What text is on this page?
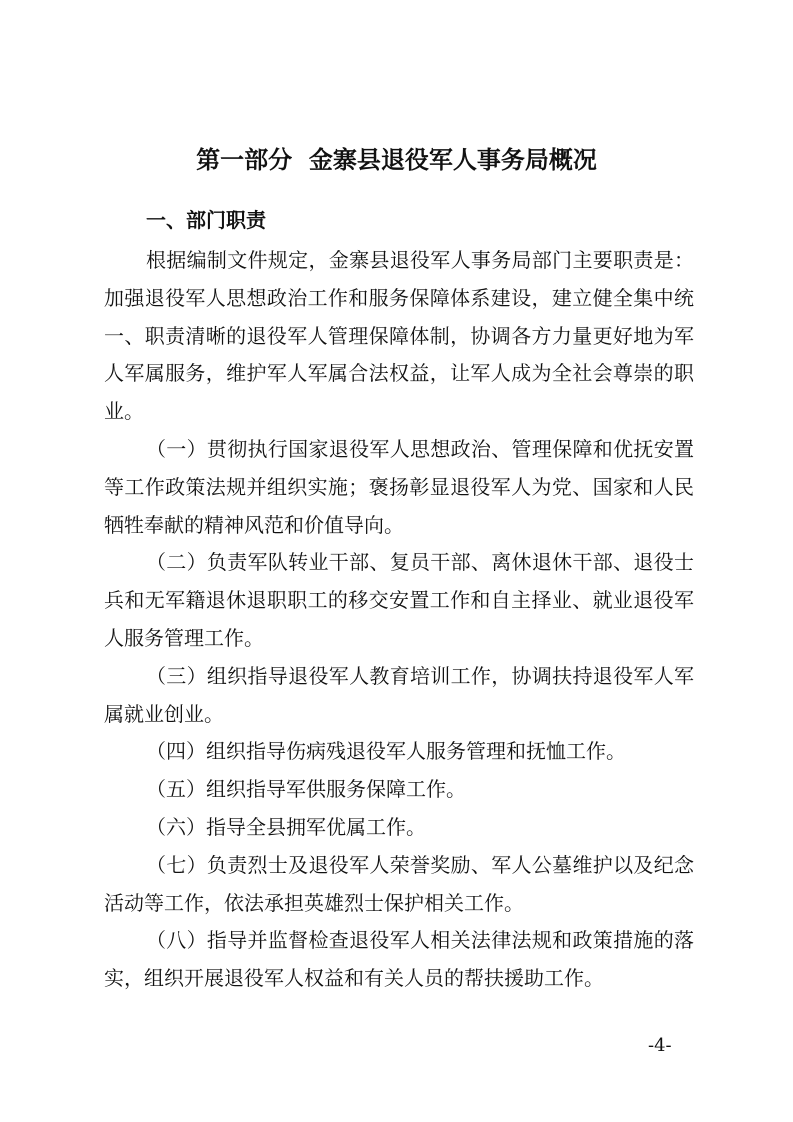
第一部分  金寨县退役军人事务局概况
一、部门职责

根据编制文件规定，金寨县退役军人事务局部门主要职责是：加强退役军人思想政治工作和服务保障体系建设，建立健全集中统一、职责清晰的退役军人管理保障体制，协调各方力量更好地为军人军属服务，维护军人军属合法权益，让军人成为全社会尊崇的职业。

（一）贯彻执行国家退役军人思想政治、管理保障和优抚安置等工作政策法规并组织实施；褒扬彰显退役军人为党、国家和人民牺牲奉献的精神风范和价值导向。

（二）负责军队转业干部、复员干部、离休退休干部、退役士兵和无军籍退休退职职工的移交安置工作和自主择业、就业退役军人服务管理工作。

（三）组织指导退役军人教育培训工作，协调扶持退役军人军属就业创业。

（四）组织指导伤病残退役军人服务管理和抚恤工作。

（五）组织指导军供服务保障工作。

（六）指导全县拥军优属工作。

（七）负责烈士及退役军人荣誉奖励、军人公墓维护以及纪念活动等工作，依法承担英雄烈士保护相关工作。

（八）指导并监督检查退役军人相关法律法规和政策措施的落实，组织开展退役军人权益和有关人员的帮扶援助工作。

-4-
